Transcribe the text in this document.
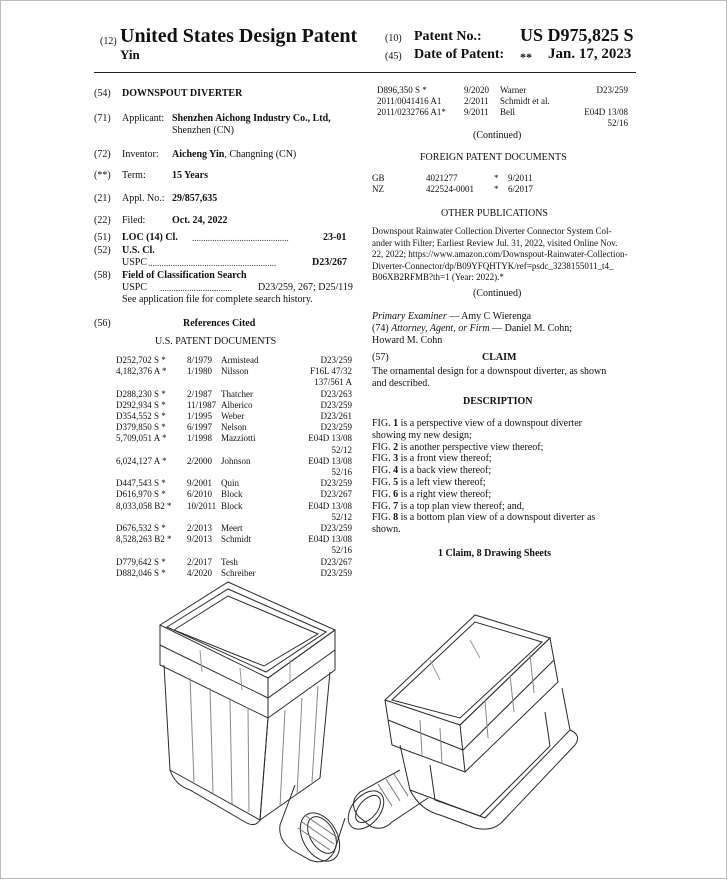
(12) United States Design Patent
Yin
(10) Patent No.: US D975,825 S
(45) Date of Patent: ** Jan. 17, 2023
(54) DOWNSPOUT DIVERTER
(71) Applicant: Shenzhen Aichong Industry Co., Ltd,
Shenzhen (CN)
(72) Inventor: Aicheng Yin, Changning (CN)
(**) Term:	15 Years
(21) Appl. No.: 29/857,635
(22) Filed:	Oct. 24, 2022
(51) LOC (14) Cl. ...........................................	23-01
(52) U.S. Cl.
USPC .........................................................	D23/267
(58) Field of Classification Search
USPC ................................	D23/259, 267; D25/119
See application file for complete search history.
(56)	References Cited
U.S. PATENT DOCUMENTS
D252,702 S * 8/1979 Armistead	D23/259
4,182,376 A * 1/1980 Nilsson	F16L 47/32
137/561 A
D288,230 S * 2/1987 Thatcher	D23/263
D292,934 S * 11/1987 Alberico	D23/259
D354,552 S * 1/1995 Weber	D23/261
D379,850 S * 6/1997 Nelson	D23/259
5,709,051 A * 1/1998 Mazziotti	E04D 13/08
52/12
6,024,127 A * 2/2000 Johnson	E04D 13/08
52/16
D447,543 S * 9/2001 Quin	D23/259
D616,970 S * 6/2010 Block	D23/267
8,033,058 B2 * 10/2011 Block	E04D 13/08
52/12
D676,532 S * 2/2013 Meert	D23/259
8,528,263 B2 * 9/2013 Schmidt	E04D 13/08
52/16
D779,642 S * 2/2017 Tesh	D23/267
D882,046 S * 4/2020 Schreiber	D23/259
D896,350 S *	9/2020 Warner	D23/259
2011/0041416 A1	2/2011 Schmidt et al.
2011/0232766 A1* 9/2011 Bell	E04D 13/08
52/16
(Continued)
FOREIGN PATENT DOCUMENTS
GB	4021277	* 9/2011
NZ	422524-0001 * 6/2017
OTHER PUBLICATIONS
Downspout Rainwater Collection Diverter Connector System Col-
ander with Filter; Earliest Review Jul. 31, 2022, visited Online Nov.
22, 2022; https://www.amazon.com/Downspout-Rainwater-Collection-
Diverter-Connector/dp/B09YFQHTYK/ref=psdc_3238155011_t4_
B06XB2RFMB?th=1 (Year: 2022).*
(Continued)
Primary Examiner — Amy C Wierenga
(74) Attorney, Agent, or Firm — Daniel M. Cohn;
Howard M. Cohn
(57)	CLAIM
The ornamental design for a downspout diverter, as shown
and described.
DESCRIPTION
FIG. 1 is a perspective view of a downspout diverter
showing my new design;
FIG. 2 is another perspective view thereof;
FIG. 3 is a front view thereof;
FIG. 4 is a back view thereof;
FIG. 5 is a left view thereof;
FIG. 6 is a right view thereof;
FIG. 7 is a top plan view thereof; and,
FIG. 8 is a bottom plan view of a downspout diverter as
shown.
1 Claim, 8 Drawing Sheets
